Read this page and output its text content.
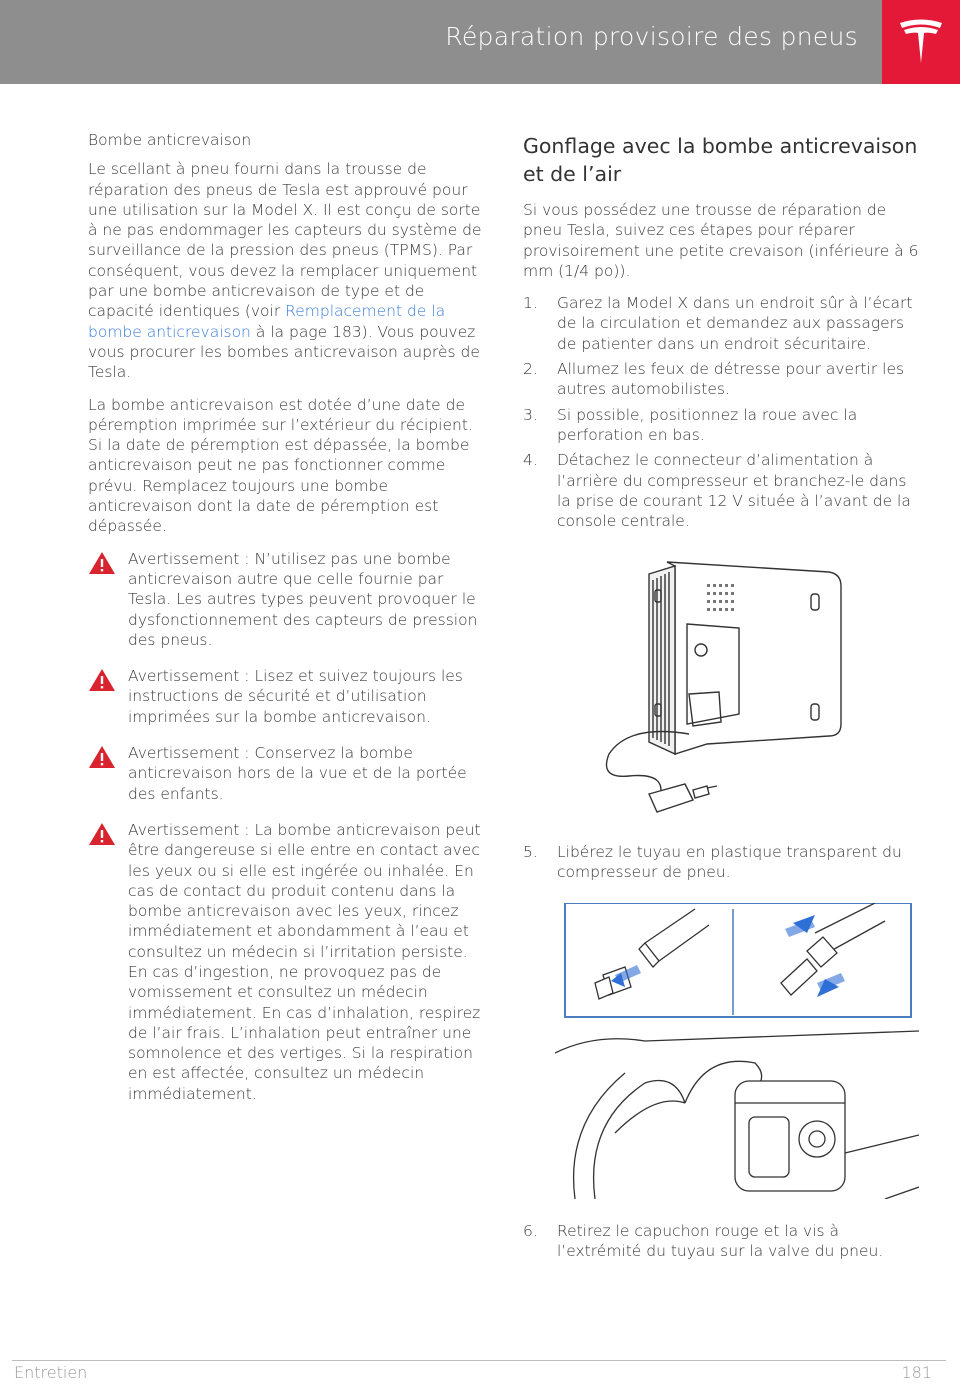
Réparation provisoire des pneus

Bombe anticrevaison

Le scellant à pneu fourni dans la trousse de réparation des pneus de Tesla est approuvé pour une utilisation sur la Model X. Il est conçu de sorte à ne pas endommager les capteurs du système de surveillance de la pression des pneus (TPMS). Par conséquent, vous devez la remplacer uniquement par une bombe anticrevaison de type et de capacité identiques (voir Remplacement de la bombe anticrevaison à la page 183). Vous pouvez vous procurer les bombes anticrevaison auprès de Tesla.

La bombe anticrevaison est dotée d’une date de péremption imprimée sur l’extérieur du récipient. Si la date de péremption est dépassée, la bombe anticrevaison peut ne pas fonctionner comme prévu. Remplacez toujours une bombe anticrevaison dont la date de péremption est dépassée.

Avertissement : N’utilisez pas une bombe anticrevaison autre que celle fournie par Tesla. Les autres types peuvent provoquer le dysfonctionnement des capteurs de pression des pneus.
Avertissement : Lisez et suivez toujours les instructions de sécurité et d’utilisation imprimées sur la bombe anticrevaison.
Avertissement : Conservez la bombe anticrevaison hors de la vue et de la portée des enfants.
Avertissement : La bombe anticrevaison peut être dangereuse si elle entre en contact avec les yeux ou si elle est ingérée ou inhalée. En cas de contact du produit contenu dans la bombe anticrevaison avec les yeux, rincez immédiatement et abondamment à l’eau et consultez un médecin si l’irritation persiste. En cas d’ingestion, ne provoquez pas de vomissement et consultez un médecin immédiatement. En cas d’inhalation, respirez de l’air frais. L’inhalation peut entraîner une somnolence et des vertiges. Si la respiration en est affectée, consultez un médecin immédiatement.
Gonflage avec la bombe anticrevaison et de l’air

Si vous possédez une trousse de réparation de pneu Tesla, suivez ces étapes pour réparer provisoirement une petite crevaison (inférieure à 6 mm (1/4 po)).

1.	Garez la Model X dans un endroit sûr à l’écart de la circulation et demandez aux passagers de patienter dans un endroit sécuritaire.
2.	Allumez les feux de détresse pour avertir les autres automobilistes.
3.	Si possible, positionnez la roue avec la perforation en bas.
4.	Détachez le connecteur d’alimentation à l’arrière du compresseur et branchez-le dans la prise de courant 12 V située à l’avant de la console centrale.
5.	Libérez le tuyau en plastique transparent du compresseur de pneu.
6.	Retirez le capuchon rouge et la vis à l’extrémité du tuyau sur la valve du pneu.
Entretien	181
